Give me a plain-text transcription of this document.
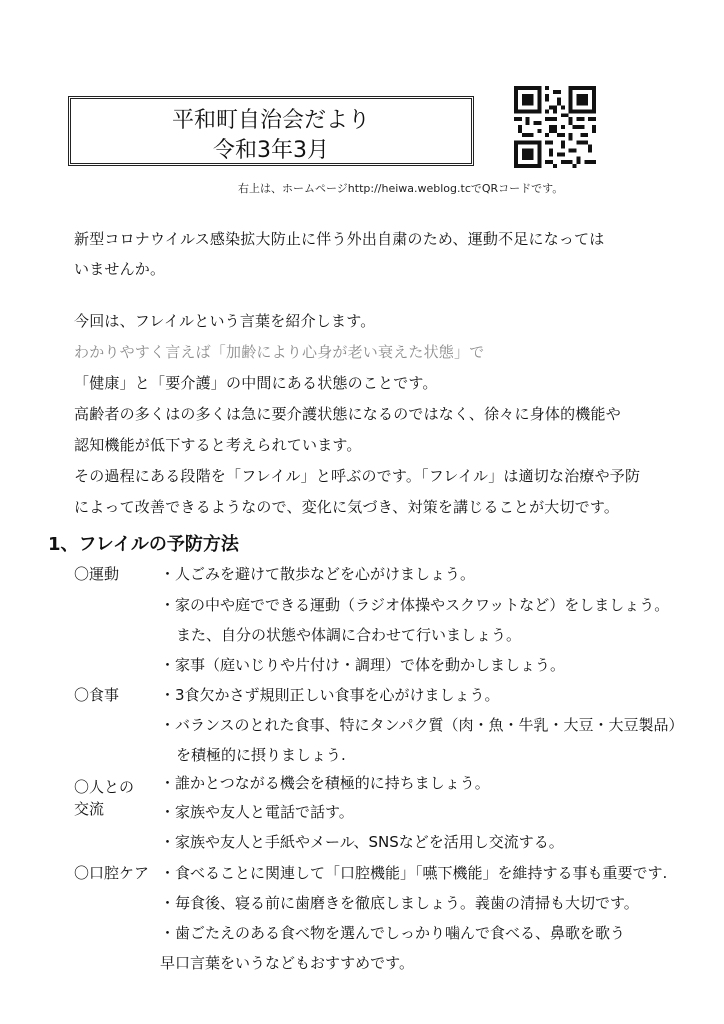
平和町自治会だより
令和3年3月
右上は、ホームページhttp://heiwa.weblog.tcでQRコードです。
新型コロナウイルス感染拡大防止に伴う外出自粛のため、運動不足になっては
いませんか。
今回は、フレイルという言葉を紹介します。
わかりやすく言えば「加齢により心身が老い衰えた状態」で
「健康」と「要介護」の中間にある状態のことです。
高齢者の多くはの多くは急に要介護状態になるのではなく、徐々に身体的機能や
認知機能が低下すると考えられています。
その過程にある段階を「フレイル」と呼ぶのです。「フレイル」は適切な治療や予防
によって改善できるようなので、変化に気づき、対策を講じることが大切です。
1、フレイルの予防方法
〇運動	・人ごみを避けて散歩などを心がけましょう。
・家の中や庭でできる運動（ラジオ体操やスクワットなど）をしましょう。
また、自分の状態や体調に合わせて行いましょう。
・家事（庭いじりや片付け・調理）で体を動かしましょう。
〇食事	・3食欠かさず規則正しい食事を心がけましょう。
・バランスのとれた食事、特にタンパク質（肉・魚・牛乳・大豆・大豆製品）
を積極的に摂りましょう.
〇人との
交流
・誰かとつながる機会を積極的に持ちましょう。
・家族や友人と電話で話す。
・家族や友人と手紙やメール、SNSなどを活用し交流する。
〇口腔ケア ・食べることに関連して「口腔機能」「嚥下機能」を維持する事も重要です.
・毎食後、寝る前に歯磨きを徹底しましょう。義歯の清掃も大切です。
・歯ごたえのある食べ物を選んでしっかり噛んで食べる、鼻歌を歌う
早口言葉をいうなどもおすすめです。
